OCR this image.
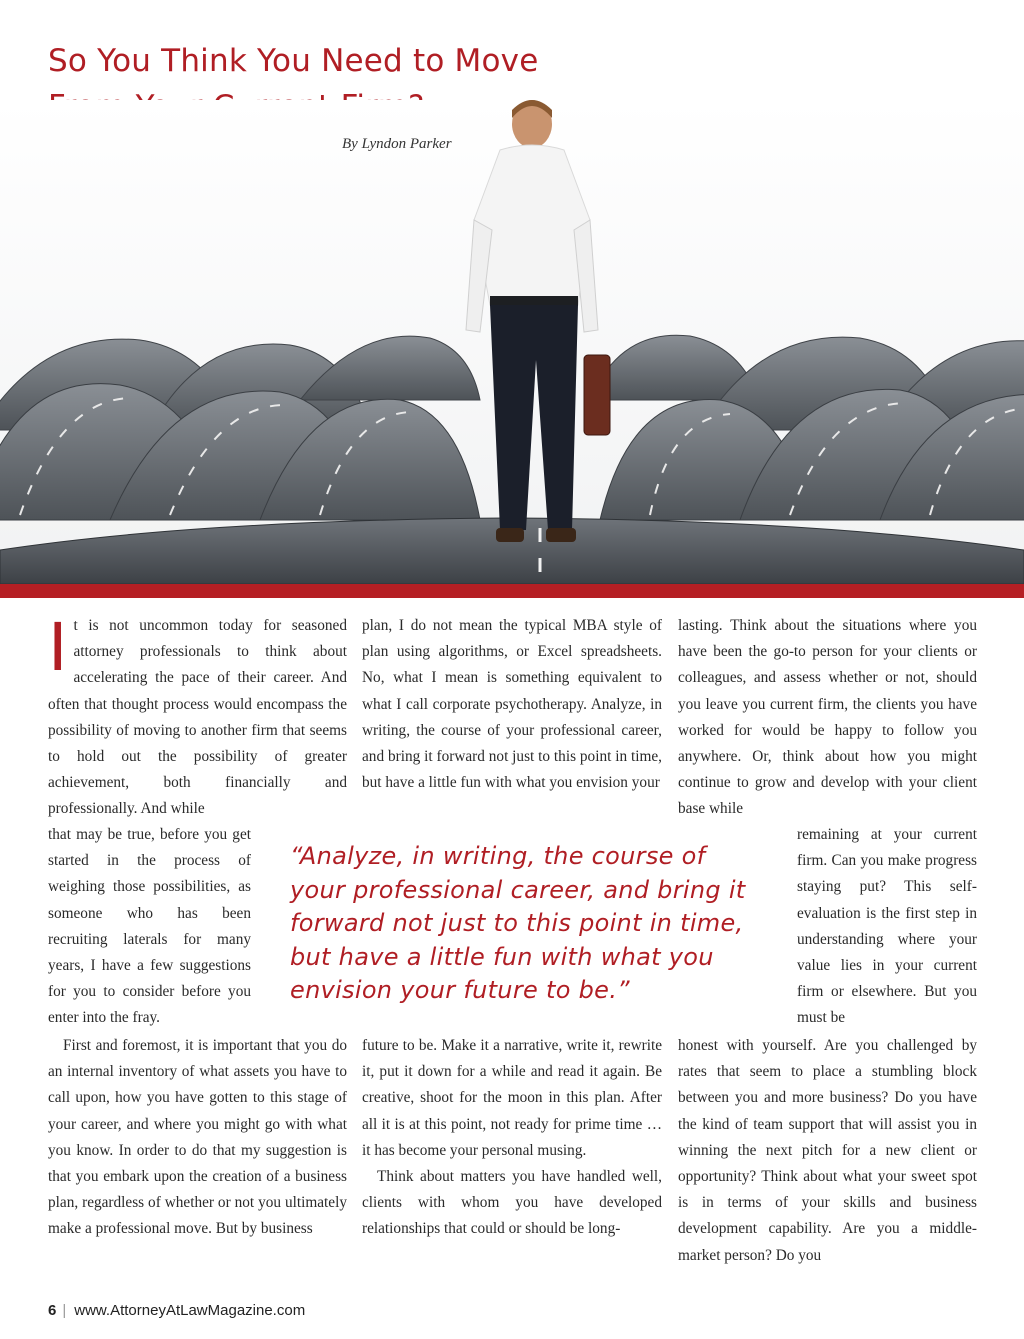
So You Think You Need to Move
By Lyndon Parker
I t is not uncommon today for seasoned attorney professionals to think about accelerating the pace of their career. And often that thought process would encompass the possibility of moving to another firm that seems to hold out the possibility of greater achievement, both financially and professionally. And while

that may be true, before you get started in the process of weighing those possibilities, as someone who has been recruiting laterals for many years, I have a few suggestions for you to consider before you enter into the fray.

First and foremost, it is important that you do an internal inventory of what assets you have to call upon, how you have gotten to this stage of your career, and where you might go with what you know. In order to do that my suggestion is that you embark upon the creation of a business plan, regardless of whether or not you ultimately make a professional move. But by business

plan, I do not mean the typical MBA style of plan using algorithms, or Excel spreadsheets. No, what I mean is something equivalent to what I call corporate psychotherapy. Analyze, in writing, the course of your professional career, and bring it forward not just to this point in time, but have a little fun with what you envision your

future to be. Make it a narrative, write it, rewrite it, put it down for a while and read it again. Be creative, shoot for the moon in this plan. After all it is at this point, not ready for prime time … it has become your personal musing.

Think about matters you have handled well, clients with whom you have developed relationships that could or should be long-

lasting. Think about the situations where you have been the go-to person for your clients or colleagues, and assess whether or not, should you leave you current firm, the clients you have worked for would be happy to follow you anywhere. Or, think about how you might continue to grow and develop with your client base while

remaining at your current firm. Can you make progress staying put? This self-evaluation is the first step in understanding where your value lies in your current firm or elsewhere. But you must be

honest with yourself. Are you challenged by rates that seem to place a stumbling block between you and more business? Do you have the kind of team support that will assist you in winning the next pitch for a new client or opportunity? Think about what your sweet spot is in terms of your skills and business development capability. Are you a middle-market person? Do you

“Analyze, in writing, the course of your professional career, and bring it forward not just to this point in time, but have a little fun with what you envision your future to be.”
6 | www.AttorneyAtLawMagazine.com
